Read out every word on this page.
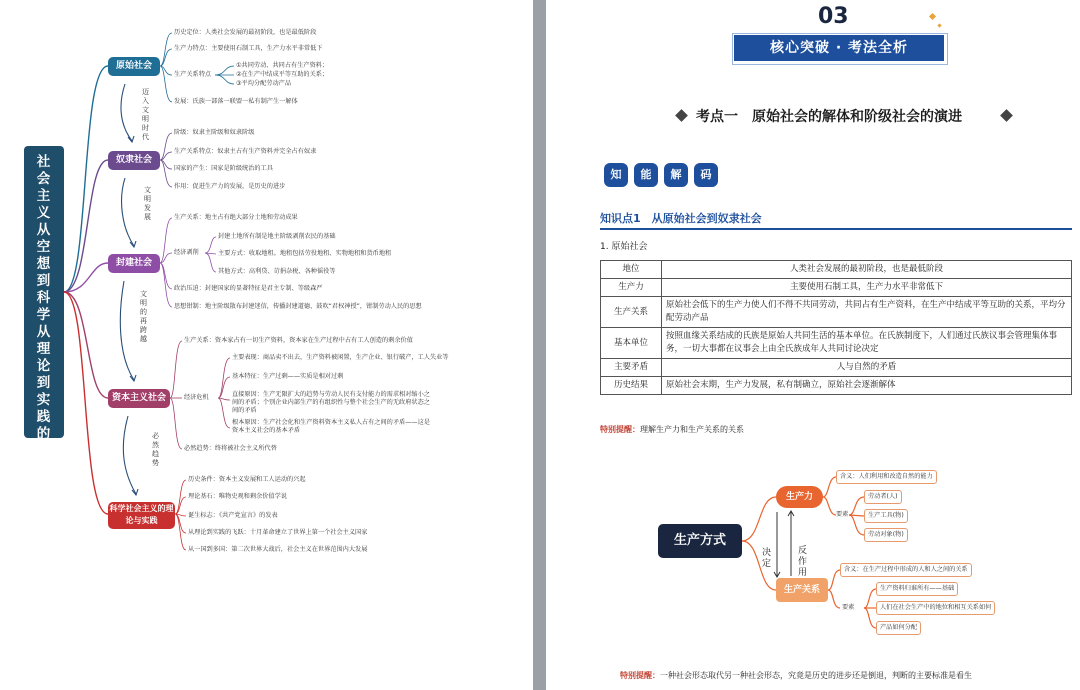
社会主义从空想到科学从理论到实践的发展
原始社会
奴隶社会
封建社会
资本主义社会
科学社会主义的理论与实践
迈入文明时代
文明发展
文明的再跨越
必然趋势
历史定位：人类社会发展的最初阶段，也是最低阶段
生产力特点：主要使用石制工具，生产力水平非常低下
生产关系特点
①共同劳动、共同占有生产资料；
②在生产中结成平等互助的关系；
③平均分配劳动产品
发展：氏族一部落一联盟一私有制产生一解体
阶级：奴隶主阶级和奴隶阶级
生产关系特点：奴隶主占有生产资料并完全占有奴隶
国家的产生：国家是阶级统治的工具
作用：促进生产力的发展，是历史的进步
生产关系：地主占有绝大部分土地和劳动成果
封建土地所有制是地主阶级剥削农民的基础
经济剥削	主要方式：收取地租。地租包括劳役地租、实物地租和货币地租
其他方式：高利贷、苛捐杂税、各种徭役等
政治压迫：封建国家的显著特征是君主专制、等级森严
思想钳制：地主阶级散布封建迷信，传播封建道德，鼓吹“君权神授”，钳制劳动人民的思想
生产关系：资本家占有一切生产资料，资本家在生产过程中占有工人创造的剩余价值
主要表现：商品卖不出去，生产资料被闲置，生产企业、银行破产，工人失业等
基本特征：生产过剩——实质是相对过剩
直接原因：生产无限扩大的趋势与劳动人民有支付能力的需求相对缩小之间的矛盾；个别企业内部生产的有组织性与整个社会生产的无政府状态之间的矛盾
经济危机
根本原因：生产社会化和生产资料资本主义私人占有之间的矛盾——这是资本主义社会的基本矛盾
必然趋势：终将被社会主义所代替
历史条件：资本主义发展和工人运动的兴起
理论基石：唯物史观和剩余价值学说
诞生标志：《共产党宣言》的发表
从理论到实践的飞跃：十月革命建立了世界上第一个社会主义国家
从一国到多国：第二次世界大战后，社会主义在世界范围内大发展
03
核心突破 · 考法全析
考点一　原始社会的解体和阶级社会的演进
知	能	解	码
知识点1　从原始社会到奴隶社会
1. 原始社会
地位	人类社会发展的最初阶段，也是最低阶段
生产力	主要使用石制工具，生产力水平非常低下
生产关系	原始社会低下的生产力使人们不得不共同劳动，共同占有生产资料，在生产中结成平等互助的关系，平均分配劳动产品
基本单位	按照血缘关系结成的氏族是原始人共同生活的基本单位。在氏族制度下，人们通过氏族议事会管理集体事务，一切大事都在议事会上由全氏族成年人共同讨论决定
主要矛盾	人与自然的矛盾
历史结果	原始社会末期，生产力发展，私有制确立，原始社会逐渐解体
特别提醒：理解生产力和生产关系的关系
生产方式
生产力
生产关系
决定
反作用
含义：人们利用和改造自然的能力
要素
劳动者(人)
生产工具(物)
劳动对象(物)
含义：在生产过程中形成的人和人之间的关系
要素
生产资料归谁所有——基础
人们在社会生产中的地位和相互关系如何
产品如何分配
特别提醒：一种社会形态取代另一种社会形态，究竟是历史的进步还是倒退，判断的主要标准是看生
